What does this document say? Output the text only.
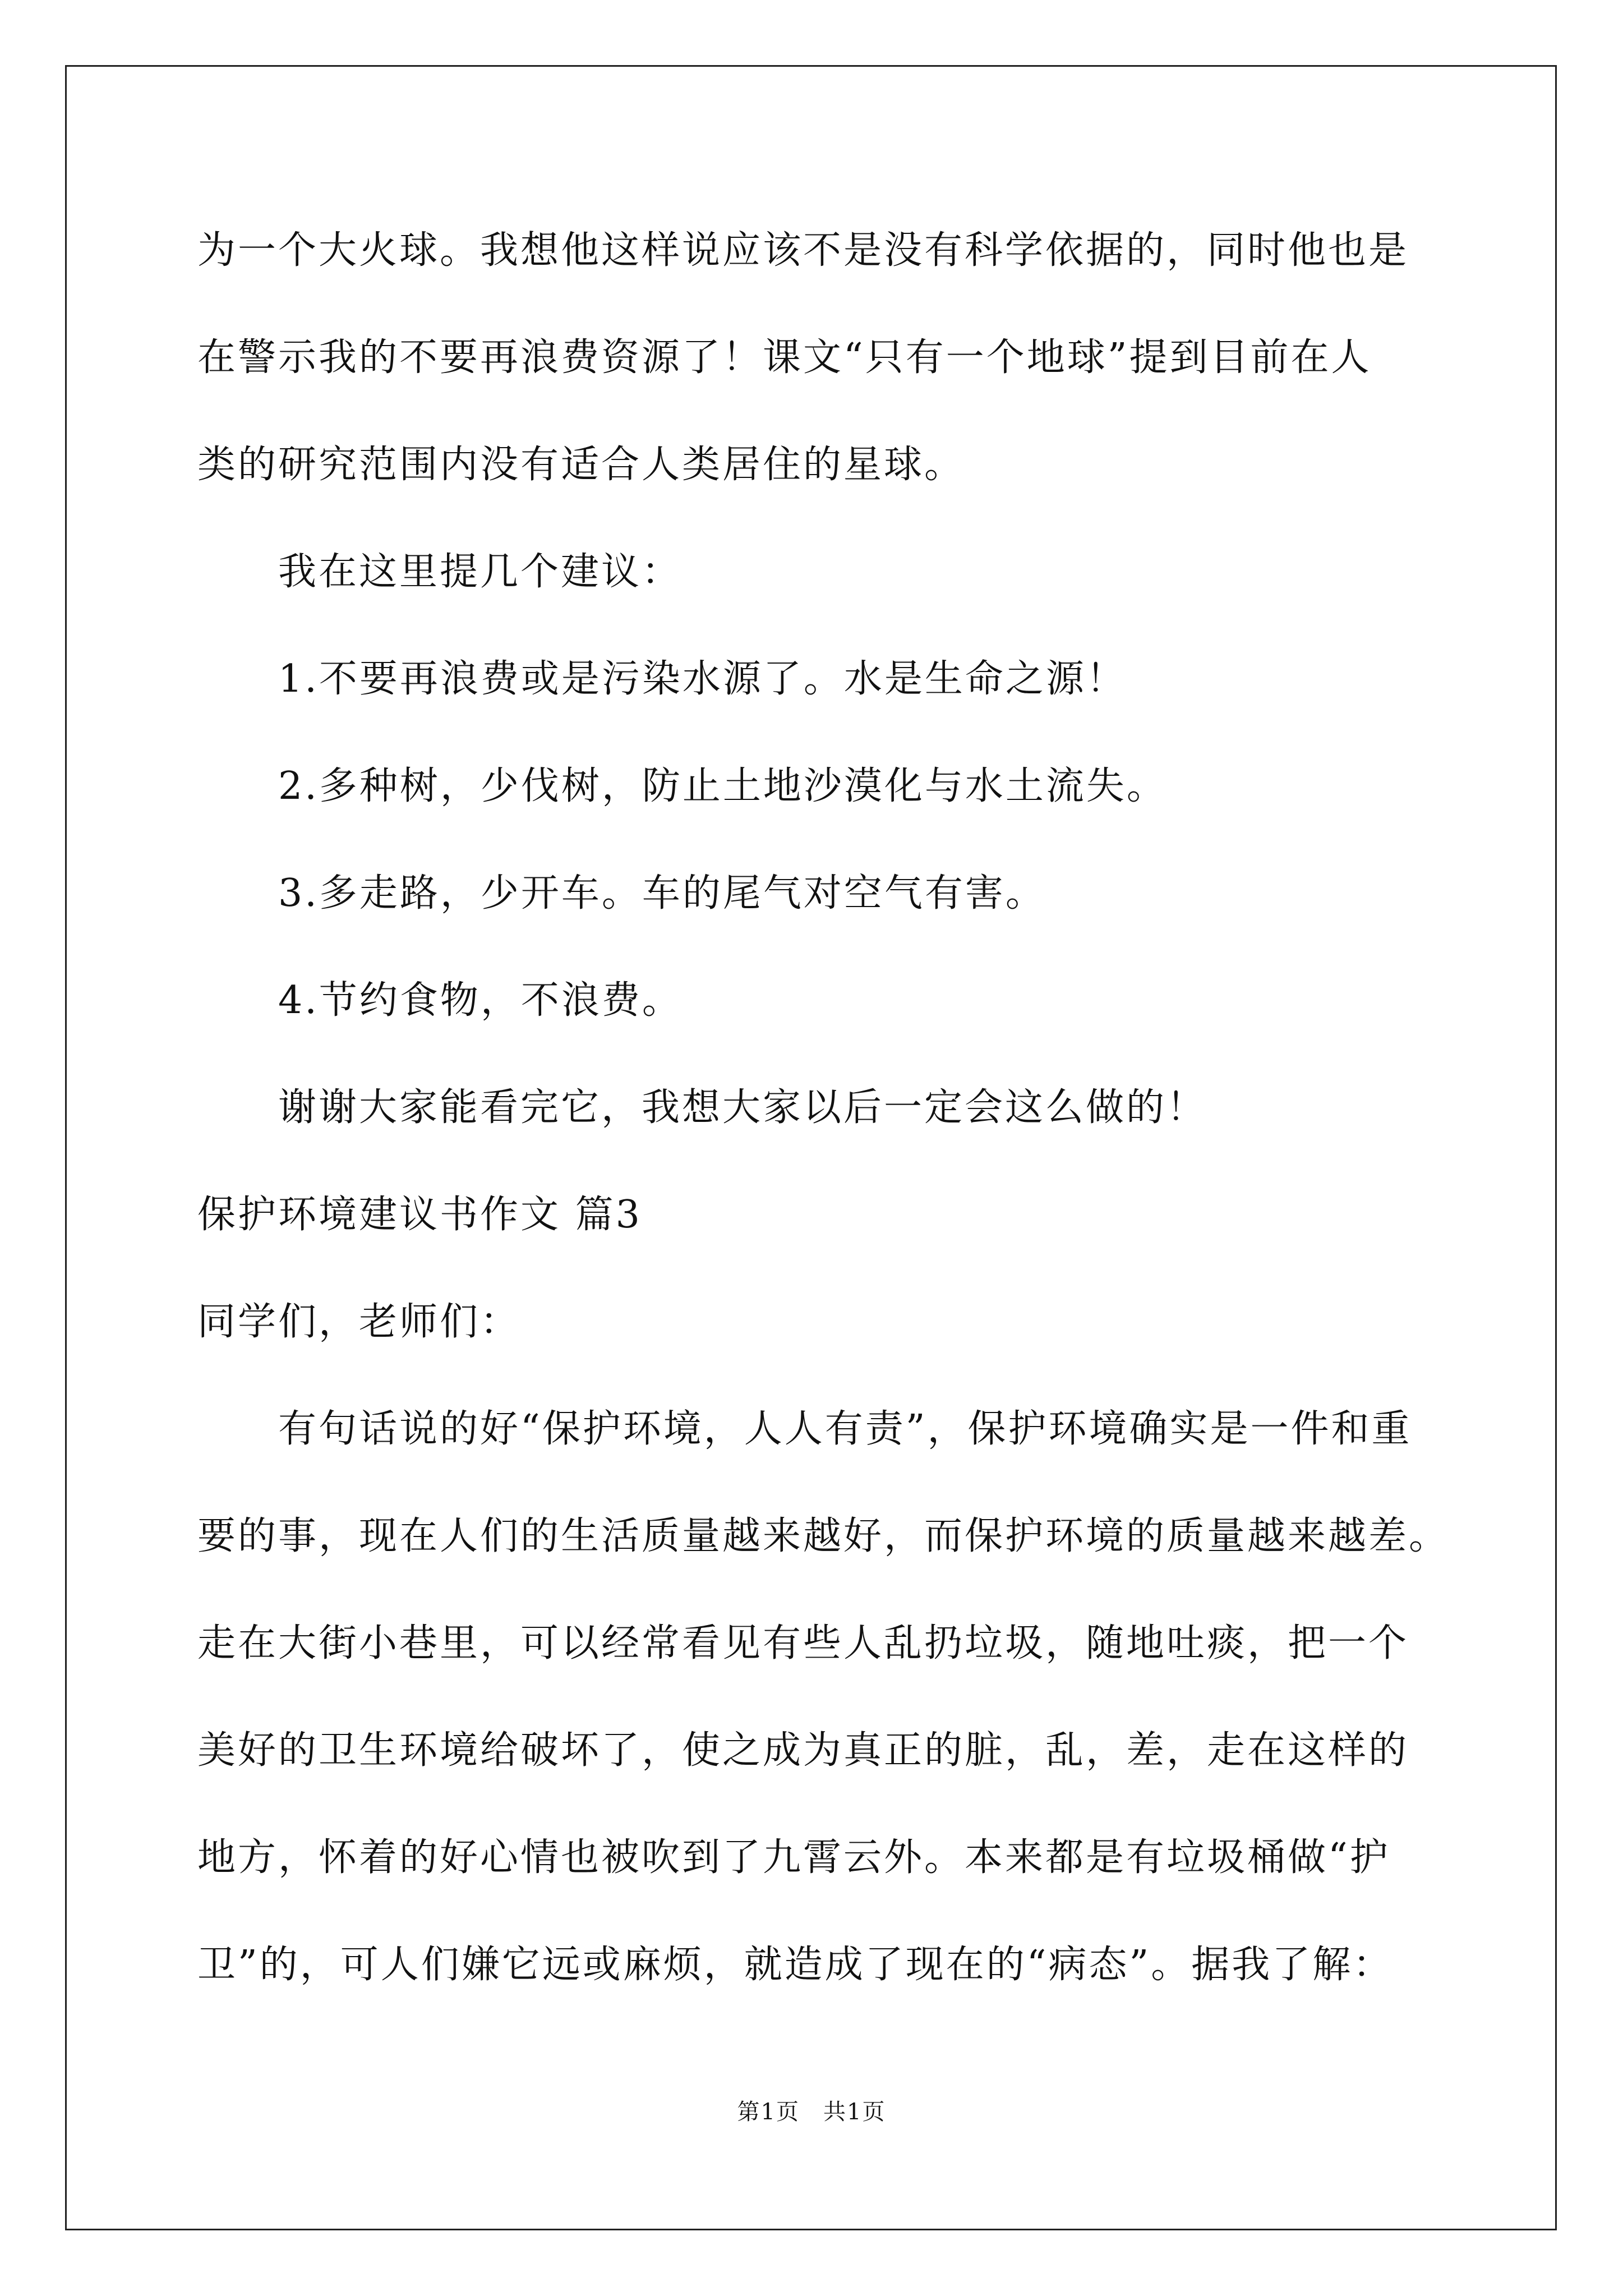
为一个大火球。我想他这样说应该不是没有科学依据的，同时他也是
在警示我的不要再浪费资源了！课文“只有一个地球”提到目前在人
类的研究范围内没有适合人类居住的星球。
我在这里提几个建议：
1.不要再浪费或是污染水源了。水是生命之源！
2.多种树，少伐树，防止土地沙漠化与水土流失。
3.多走路，少开车。车的尾气对空气有害。
4.节约食物，不浪费。
谢谢大家能看完它，我想大家以后一定会这么做的！
保护环境建议书作文 篇3
同学们，老师们：
有句话说的好“保护环境，人人有责”，保护环境确实是一件和重
要的事，现在人们的生活质量越来越好，而保护环境的质量越来越差。
走在大街小巷里，可以经常看见有些人乱扔垃圾，随地吐痰，把一个
美好的卫生环境给破坏了，使之成为真正的脏，乱，差，走在这样的
地方，怀着的好心情也被吹到了九霄云外。本来都是有垃圾桶做“护
卫”的，可人们嫌它远或麻烦，就造成了现在的“病态”。据我了解：
第1页　共1页
